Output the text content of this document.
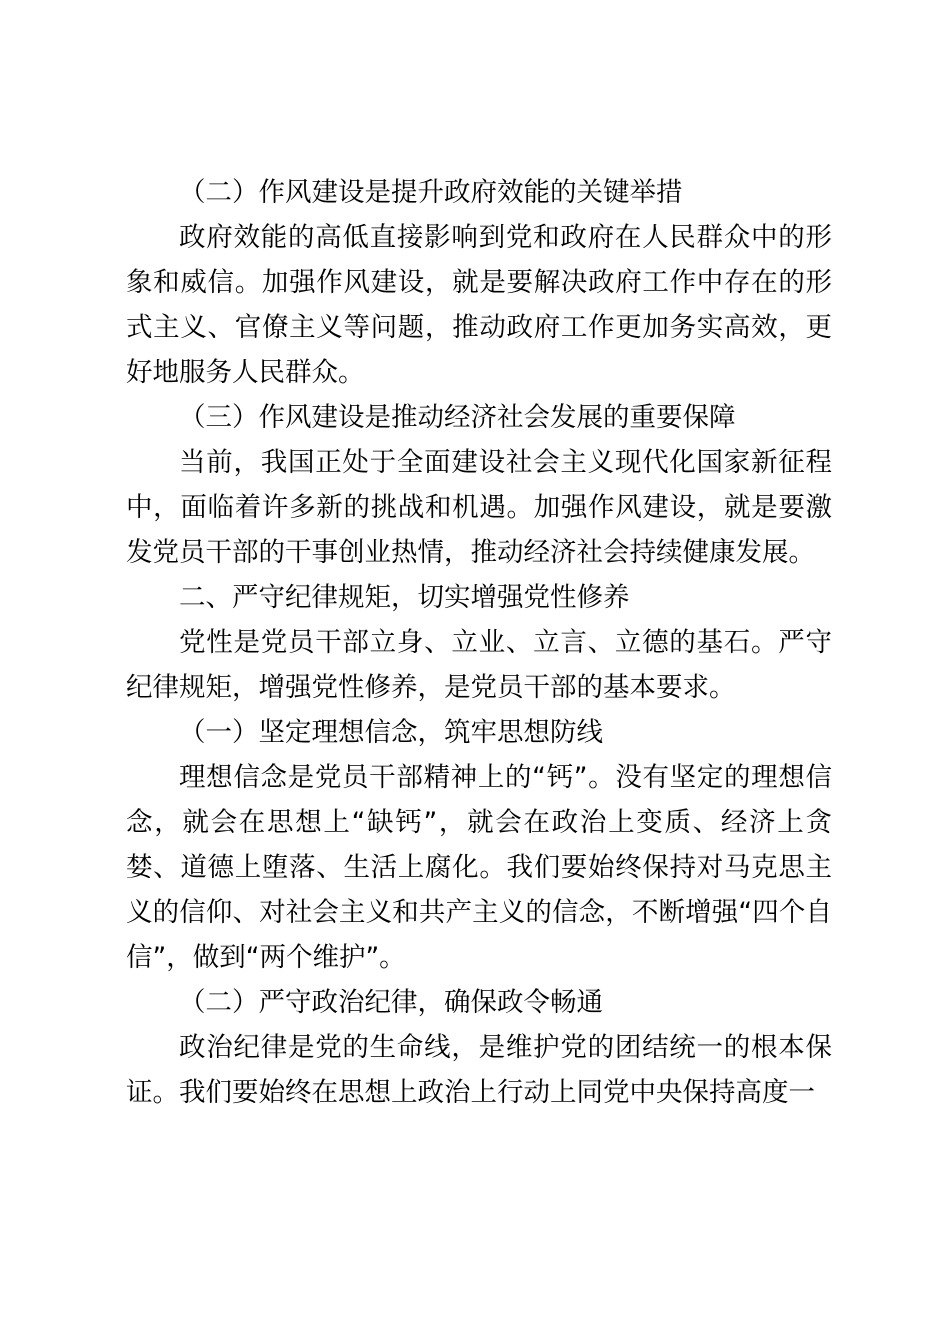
（二）作风建设是提升政府效能的关键举措

政府效能的高低直接影响到党和政府在人民群众中的形象和威信。加强作风建设，就是要解决政府工作中存在的形式主义、官僚主义等问题，推动政府工作更加务实高效，更好地服务人民群众。

（三）作风建设是推动经济社会发展的重要保障

当前，我国正处于全面建设社会主义现代化国家新征程中，面临着许多新的挑战和机遇。加强作风建设，就是要激发党员干部的干事创业热情，推动经济社会持续健康发展。

二、严守纪律规矩，切实增强党性修养

党性是党员干部立身、立业、立言、立德的基石。严守纪律规矩，增强党性修养，是党员干部的基本要求。

（一）坚定理想信念，筑牢思想防线

理想信念是党员干部精神上的“钙”。没有坚定的理想信念，就会在思想上“缺钙”，就会在政治上变质、经济上贪婪、道德上堕落、生活上腐化。我们要始终保持对马克思主义的信仰、对社会主义和共产主义的信念，不断增强“四个自信”，做到“两个维护”。

（二）严守政治纪律，确保政令畅通

政治纪律是党的生命线，是维护党的团结统一的根本保证。我们要始终在思想上政治上行动上同党中央保持高度一
